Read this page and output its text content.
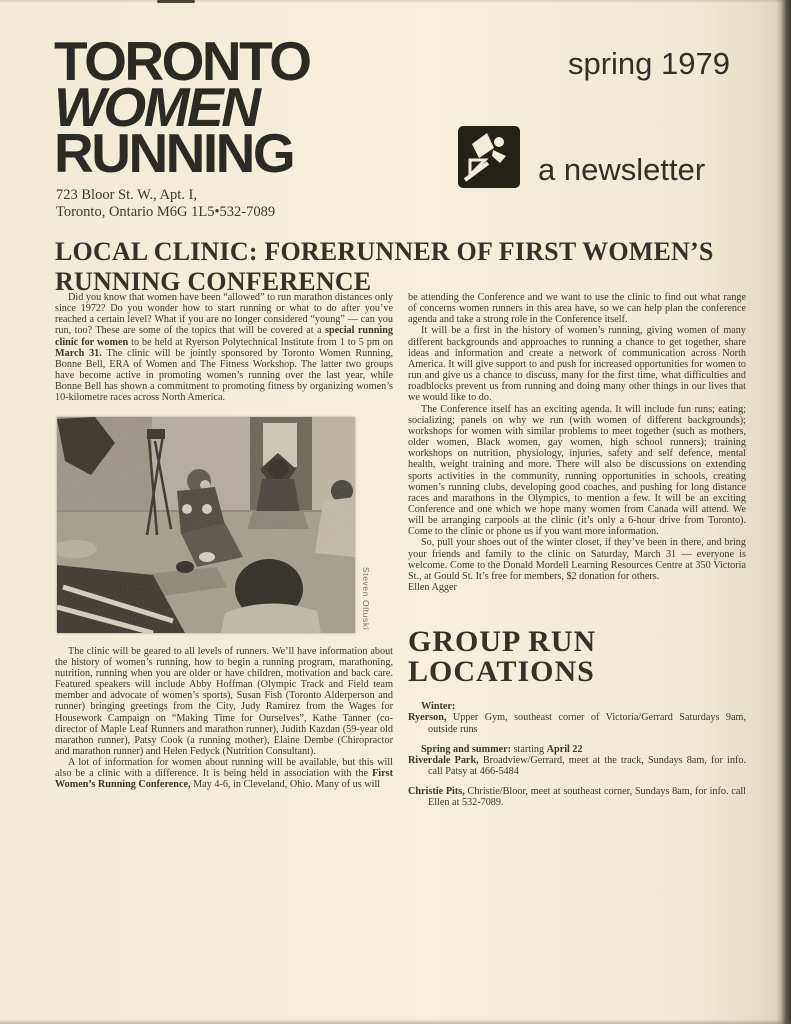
TORONTO
WOMEN
RUNNING
723 Bloor St. W., Apt. I,
Toronto, Ontario M6G 1L5•532-7089
spring 1979
a newsletter
LOCAL CLINIC: FORERUNNER OF FIRST WOMEN’S
RUNNING CONFERENCE

Did you know that women have been “allowed” to run marathon distances only since 1972? Do you wonder how to start running or what to do after you’ve reached a certain level? What if you are no longer considered “young” — can you run, too? These are some of the topics that will be covered at a special running clinic for women to be held at Ryerson Polytechnical Institute from 1 to 5 pm on March 31. The clinic will be jointly sponsored by Toronto Women Running, Bonne Bell, ERA of Women and The Fitness Workshop. The latter two groups have become active in promoting women’s running over the last year, while Bonne Bell has shown a commitment to promoting fitness by organizing women’s 10-kilometre races across North America.

Steven Oltuski

The clinic will be geared to all levels of runners. We’ll have information about the history of women’s running, how to begin a running program, marathoning, nutrition, running when you are older or have children, motivation and back care. Featured speakers will include Abby Hoffman (Olympic Track and Field team member and advocate of women’s sports), Susan Fish (Toronto Alderperson and runner) bringing greetings from the City, Judy Ramirez from the Wages for Housework Campaign on “Making Time for Ourselves”, Kathe Tanner (co-director of Maple Leaf Runners and marathon runner), Judith Kazdan (59-year old marathon runner), Patsy Cook (a running mother), Elaine Dembe (Chiropractor and marathon runner) and Helen Fedyck (Nutrition Consultant).

A lot of information for women about running will be available, but this will also be a clinic with a difference. It is being held in association with the First Women’s Running Conference, May 4-6, in Cleveland, Ohio. Many of us will

be attending the Conference and we want to use the clinic to find out what range of concerns women runners in this area have, so we can help plan the conference agenda and take a strong role in the Conference itself.

It will be a first in the history of women’s running, giving women of many different backgrounds and approaches to running a chance to get together, share ideas and information and create a network of communication across North America. It will give support to and push for increased opportunities for women to run and give us a chance to discuss, many for the first time, what difficulties and roadblocks prevent us from running and doing many other things in our lives that we would like to do.

The Conference itself has an exciting agenda. It will include fun runs; eating; socializing; panels on why we run (with women of different backgrounds); workshops for women with similar problems to meet together (such as mothers, older women, Black women, gay women, high school runners); training workshops on nutrition, physiology, injuries, safety and self defence, mental health, weight training and more. There will also be discussions on extending sports activities in the community, running opportunities in schools, creating women’s running clubs, developing good coaches, and pushing for long distance races and marathons in the Olympics, to mention a few. It will be an exciting Conference and one which we hope many women from Canada will attend. We will be arranging carpools at the clinic (it’s only a 6-hour drive from Toronto). Come to the clinic or phone us if you want more information.

So, pull your shoes out of the winter closet, if they’ve been in there, and bring your friends and family to the clinic on Saturday, March 31 — everyone is welcome. Come to the Donald Mordell Learning Resources Centre at 350 Victoria St., at Gould St. It’s free for members, $2 donation for others.

Ellen Agger

GROUP RUN LOCATIONS

Winter:

Ryerson, Upper Gym, southeast corner of Victoria/Gerrard Saturdays 9am, outside runs

Spring and summer: starting April 22

Riverdale Park, Broadview/Gerrard, meet at the track, Sundays 8am, for info. call Patsy at 466-5484

Christie Pits, Christie/Bloor, meet at southeast corner, Sundays 8am, for info. call Ellen at 532-7089.
